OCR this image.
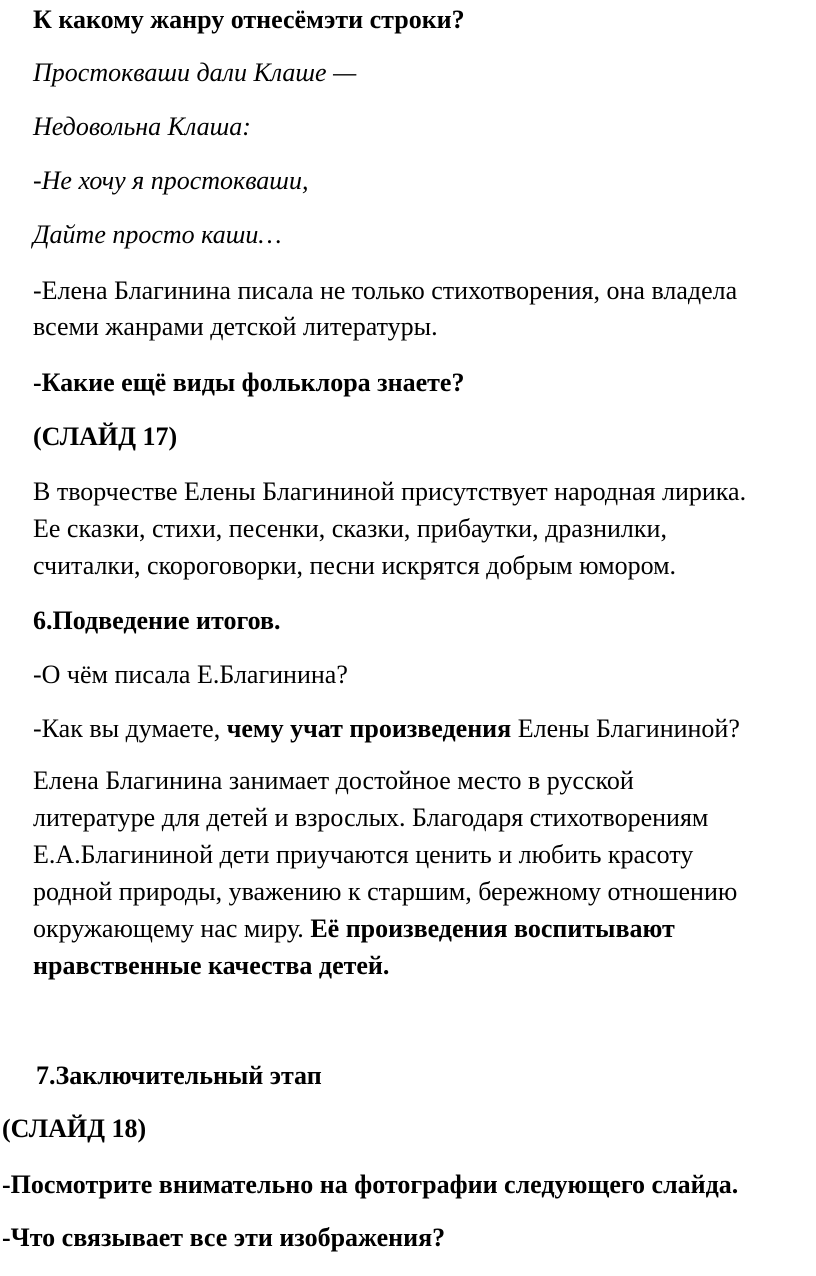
К какому жанру отнесёмэти строки?

Простокваши дали Клаше —

Недовольна Клаша:

-Не хочу я простокваши,

Дайте просто каши…

-Елена Благинина писала не только стихотворения, она владела

всеми жанрами детской литературы.

-Какие ещё виды фольклора знаете?

(СЛАЙД 17)

В творчестве Елены Благининой присутствует народная лирика.

Ее сказки, стихи, песенки, сказки, прибаутки, дразнилки,

считалки, скороговорки, песни искрятся добрым юмором.

6.Подведение итогов.

-О чём писала Е.Благинина?

-Как вы думаете, чему учат произведения Елены Благининой?

Елена Благинина занимает достойное место в русской

литературе для детей и взрослых. Благодаря стихотворениям

Е.А.Благининой дети приучаются ценить и любить красоту

родной природы, уважению к старшим, бережному отношению

окружающему нас миру. Её произведения воспитывают

нравственные качества детей.

7.Заключительный этап

(СЛАЙД 18)

-Посмотрите внимательно на фотографии следующего слайда.

-Что связывает все эти изображения?
